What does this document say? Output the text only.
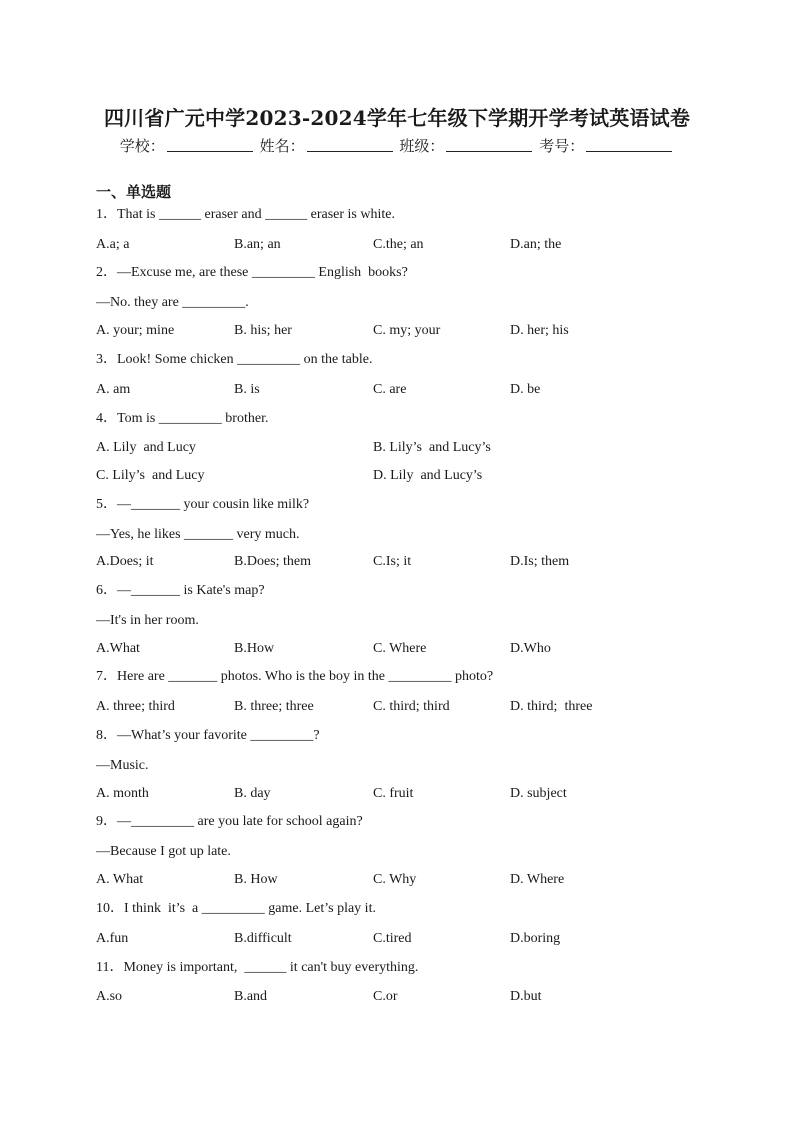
四川省广元中学2023-2024学年七年级下学期开学考试英语试卷
学校：	姓名：	班级：	考号：
一、单选题
1．That is ______ eraser and ______ eraser is white.
A.a; a	B.an; an	C.the; an	D.an; the
2．—Excuse me, are these _________ English  books?
—No. they are _________.
A. your; mine	B. his; her	C. my; your	D. her; his
3．Look! Some chicken _________ on the table.
A. am	B. is	C. are	D. be
4．Tom is _________ brother.
A. Lily  and Lucy	B. Lily’s  and Lucy’s
C. Lily’s  and Lucy	D. Lily  and Lucy’s
5．—_______ your cousin like milk?
—Yes, he likes _______ very much.
A.Does; it	B.Does; them	C.Is; it	D.Is; them
6．—_______ is Kate's map?
—It's in her room.
A.What	B.How	C. Where	D.Who
7．Here are _______ photos. Who is the boy in the _________ photo?
A. three; third	B. three; three	C. third; third	D. third;  three
8．—What’s your favorite _________?
—Music.
A. month	B. day	C. fruit	D. subject
9．—_________ are you late for school again?
—Because I got up late.
A. What	B. How	C. Why	D. Where
10．I think  it’s  a _________ game. Let’s play it.
A.fun	B.difficult	C.tired	D.boring
11．Money is important,  ______ it can't buy everything.
A.so	B.and	C.or	D.but
